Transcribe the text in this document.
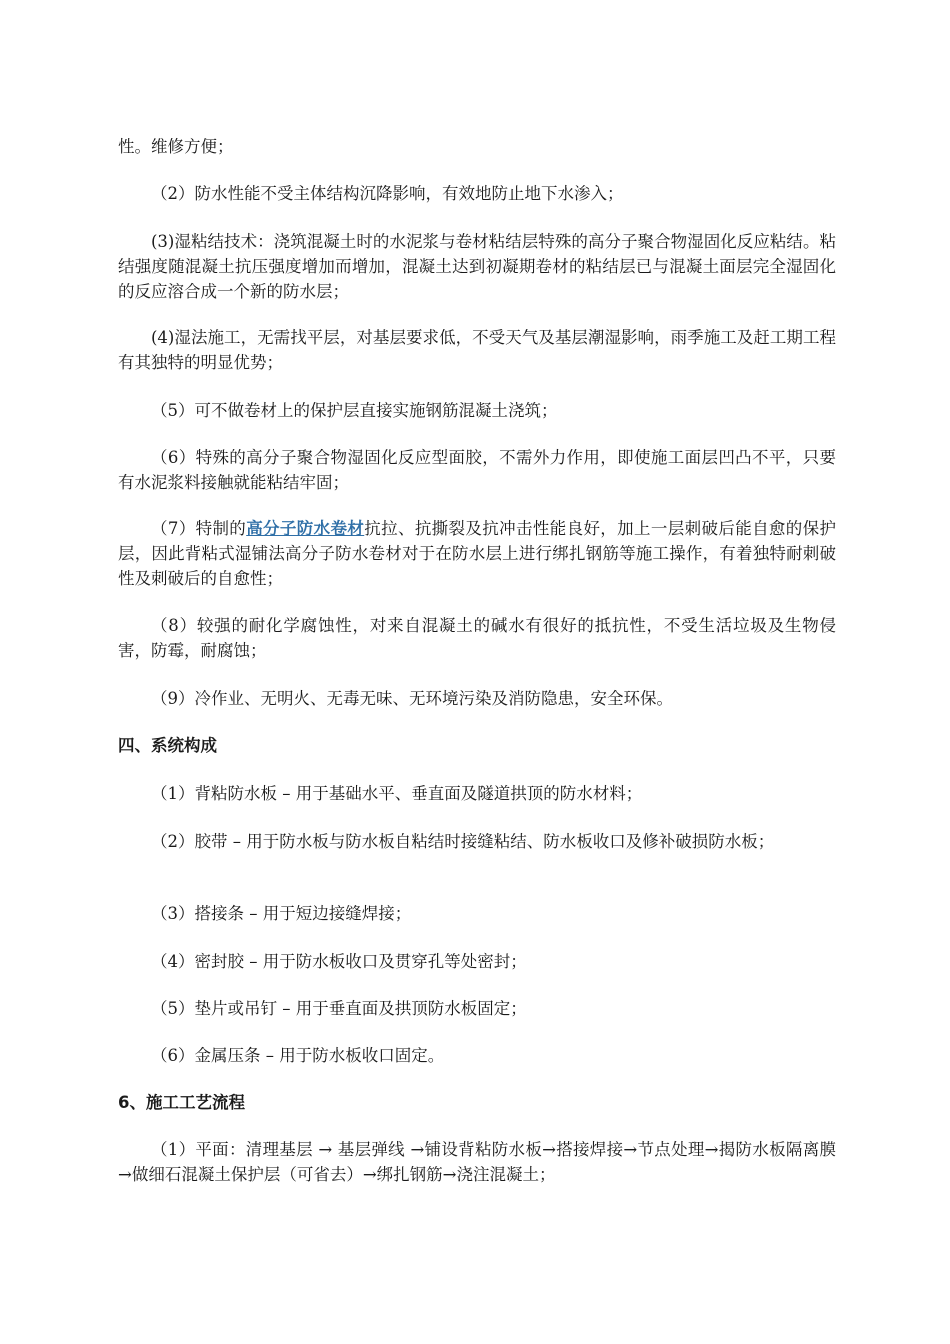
性。维修方便；

（2）防水性能不受主体结构沉降影响，有效地防止地下水渗入；

(3)湿粘结技术：浇筑混凝土时的水泥浆与卷材粘结层特殊的高分子聚合物湿固化反应粘结。粘结强度随混凝土抗压强度增加而增加，混凝土达到初凝期卷材的粘结层已与混凝土面层完全湿固化的反应溶合成一个新的防水层；

(4)湿法施工，无需找平层，对基层要求低，不受天气及基层潮湿影响，雨季施工及赶工期工程有其独特的明显优势；

（5）可不做卷材上的保护层直接实施钢筋混凝土浇筑；

（6）特殊的高分子聚合物湿固化反应型面胶，不需外力作用，即使施工面层凹凸不平，只要有水泥浆料接触就能粘结牢固；

（7）特制的高分子防水卷材抗拉、抗撕裂及抗冲击性能良好，加上一层刺破后能自愈的保护层，因此背粘式湿铺法高分子防水卷材对于在防水层上进行绑扎钢筋等施工操作，有着独特耐刺破性及刺破后的自愈性；

（8）较强的耐化学腐蚀性，对来自混凝土的碱水有很好的抵抗性，不受生活垃圾及生物侵害，防霉，耐腐蚀；

（9）冷作业、无明火、无毒无味、无环境污染及消防隐患，安全环保。

四、系统构成

（1）背粘防水板 – 用于基础水平、垂直面及隧道拱顶的防水材料；

（2）胶带 – 用于防水板与防水板自粘结时接缝粘结、防水板收口及修补破损防水板；

（3）搭接条 – 用于短边接缝焊接；

（4）密封胶 – 用于防水板收口及贯穿孔等处密封；

（5）垫片或吊钉 – 用于垂直面及拱顶防水板固定；

（6）金属压条 – 用于防水板收口固定。

6、施工工艺流程

（1）平面：清理基层 → 基层弹线 →铺设背粘防水板→搭接焊接→节点处理→揭防水板隔离膜→做细石混凝土保护层（可省去）→绑扎钢筋→浇注混凝土；
